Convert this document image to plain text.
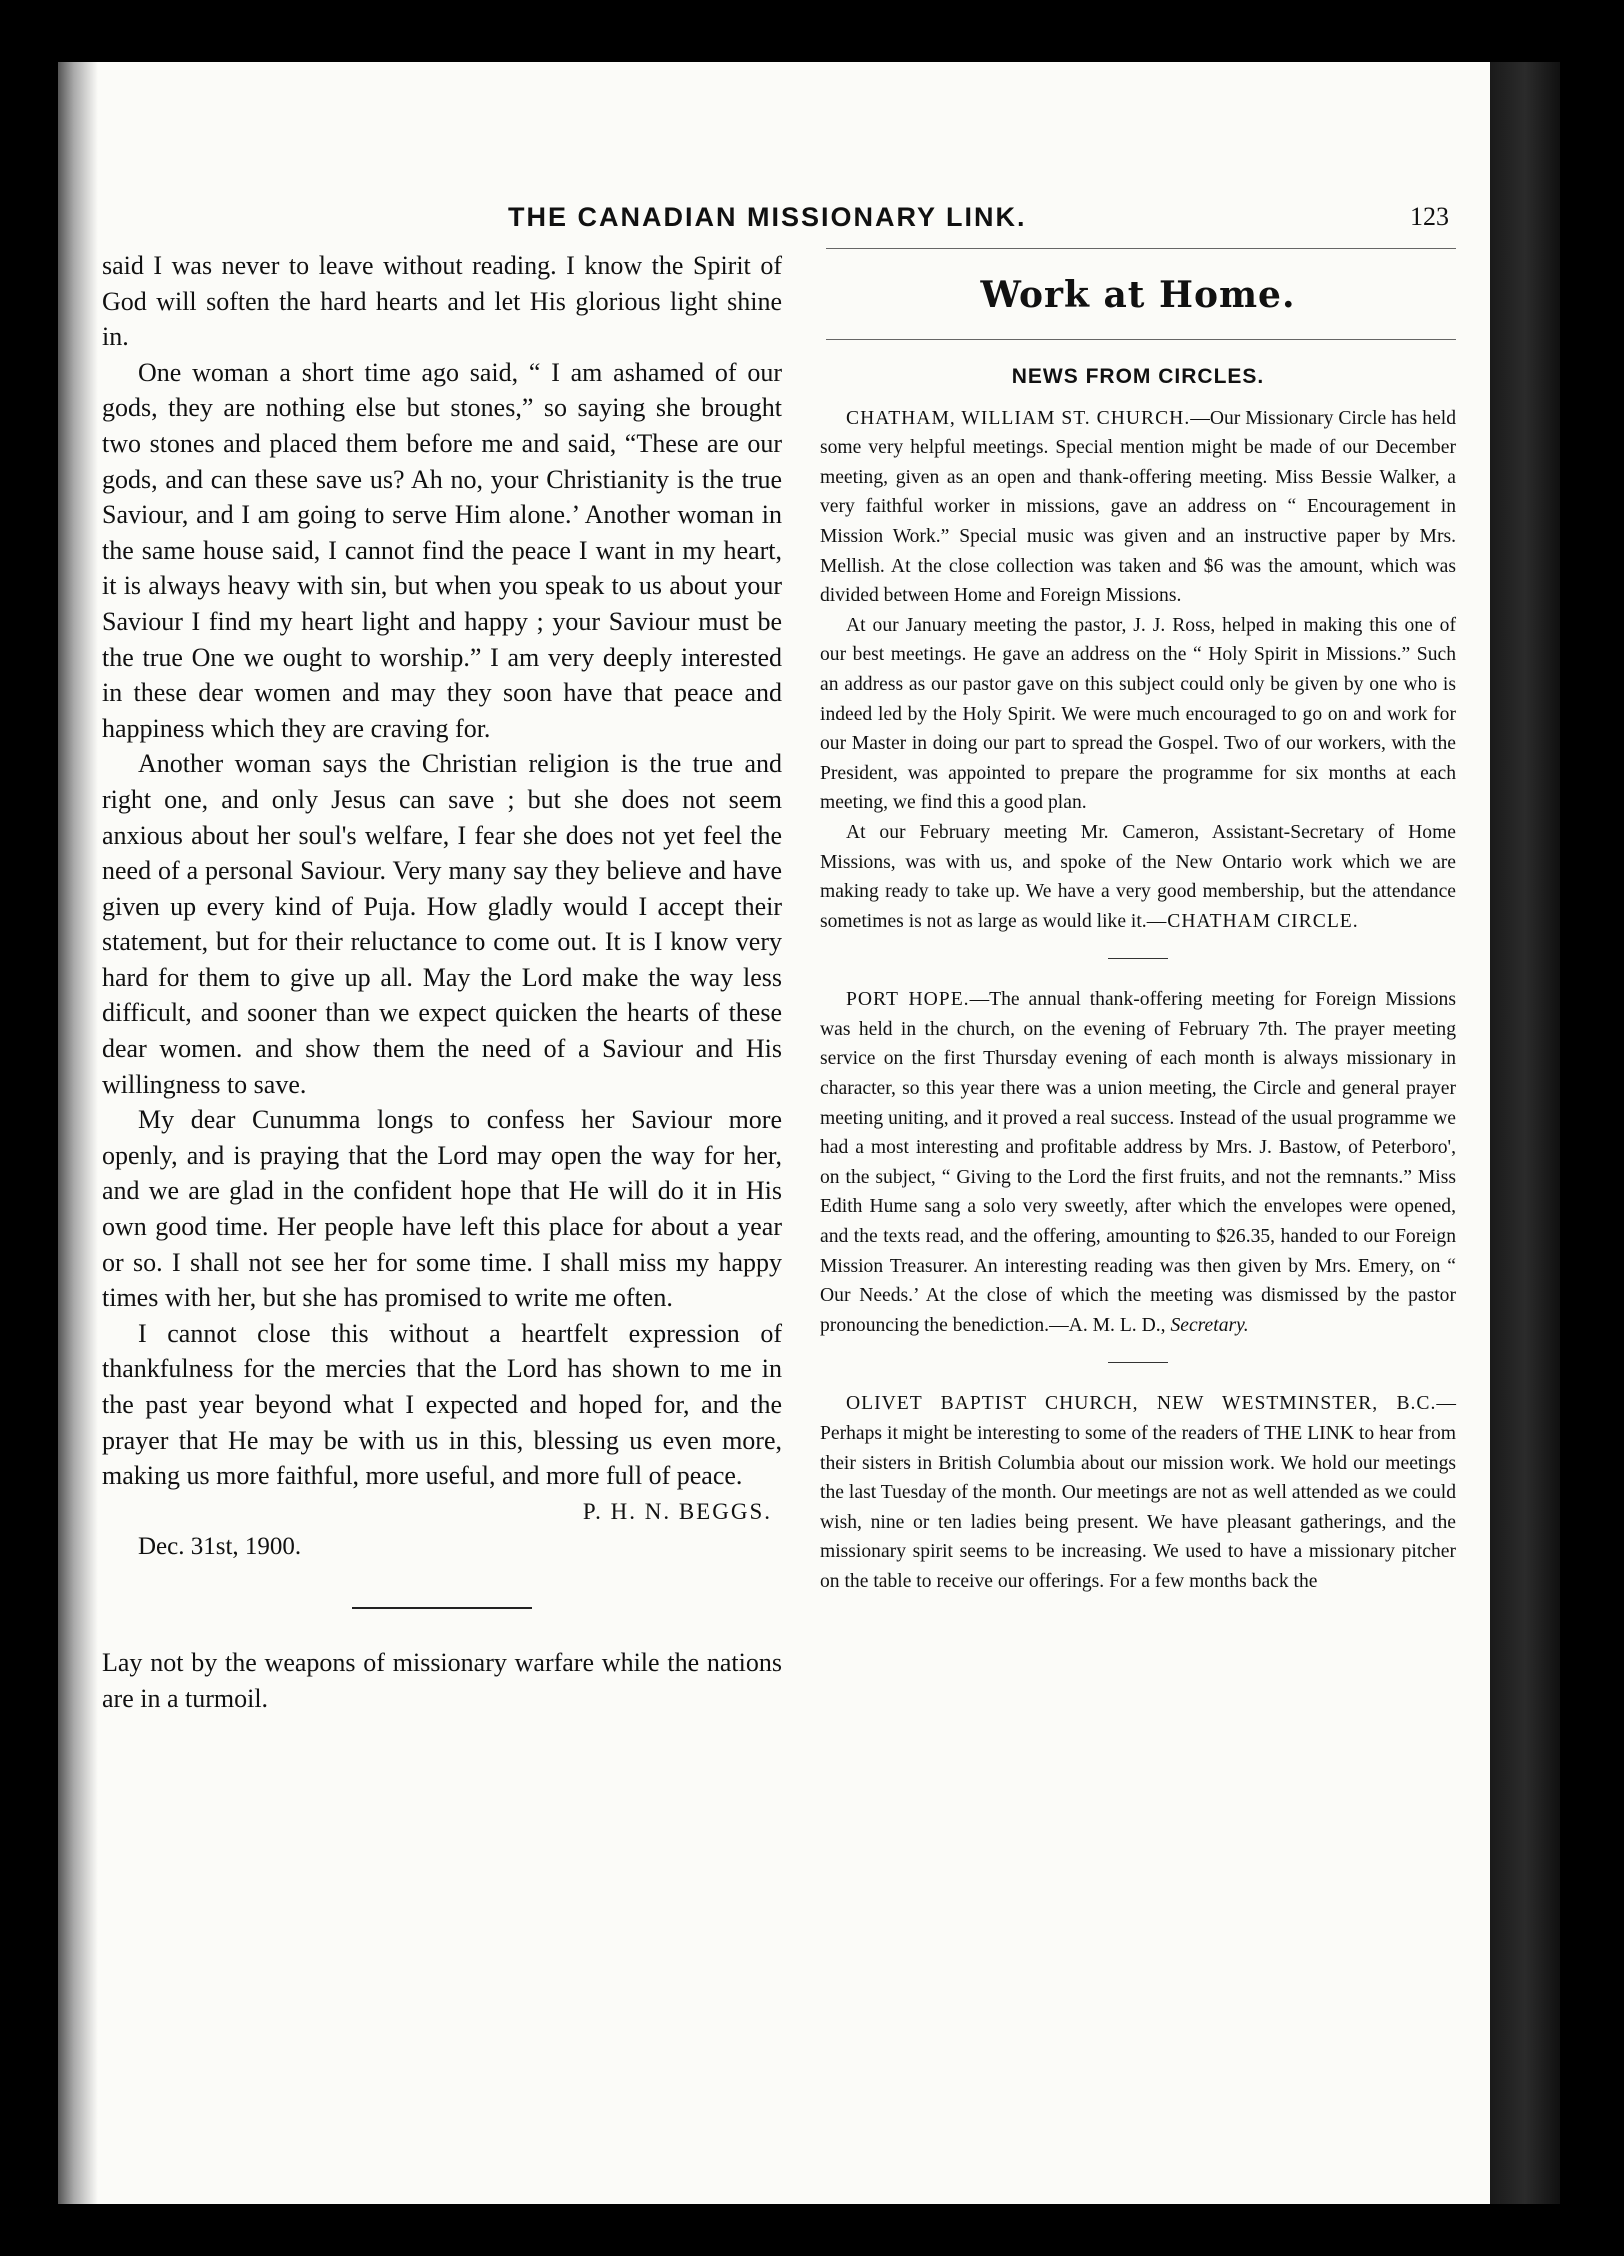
THE CANADIAN MISSIONARY LINK.	123

said I was never to leave without reading. I know the Spirit of God will soften the hard hearts and let His glorious light shine in.

One woman a short time ago said, “ I am ashamed of our gods, they are nothing else but stones,” so saying she brought two stones and placed them before me and said, “These are our gods, and can these save us? Ah no, your Christianity is the true Saviour, and I am going to serve Him alone.’ Another woman in the same house said, I cannot find the peace I want in my heart, it is always heavy with sin, but when you speak to us about your Saviour I find my heart light and happy ; your Saviour must be the true One we ought to worship.” I am very deeply interested in these dear women and may they soon have that peace and happiness which they are craving for.

Another woman says the Christian religion is the true and right one, and only Jesus can save ; but she does not seem anxious about her soul's welfare, I fear she does not yet feel the need of a personal Saviour. Very many say they believe and have given up every kind of Puja. How gladly would I accept their statement, but for their reluctance to come out. It is I know very hard for them to give up all. May the Lord make the way less difficult, and sooner than we expect quicken the hearts of these dear women. and show them the need of a Saviour and His willingness to save.

My dear Cunumma longs to confess her Saviour more openly, and is praying that the Lord may open the way for her, and we are glad in the confident hope that He will do it in His own good time. Her people have left this place for about a year or so. I shall not see her for some time. I shall miss my happy times with her, but she has promised to write me often.

I cannot close this without a heartfelt expression of thankfulness for the mercies that the Lord has shown to me in the past year beyond what I expected and hoped for, and the prayer that He may be with us in this, blessing us even more, making us more faithful, more useful, and more full of peace.

P. H. N. BEGGS.

Dec. 31st, 1900.

Lay not by the weapons of missionary warfare while the nations are in a turmoil.

Work at Home.
NEWS FROM CIRCLES.

CHATHAM, WILLIAM ST. CHURCH.—Our Missionary Circle has held some very helpful meetings. Special mention might be made of our December meeting, given as an open and thank-offering meeting. Miss Bessie Walker, a very faithful worker in missions, gave an address on “ Encouragement in Mission Work.” Special music was given and an instructive paper by Mrs. Mellish. At the close collection was taken and $6 was the amount, which was divided between Home and Foreign Missions.

At our January meeting the pastor, J. J. Ross, helped in making this one of our best meetings. He gave an address on the “ Holy Spirit in Missions.” Such an address as our pastor gave on this subject could only be given by one who is indeed led by the Holy Spirit. We were much encouraged to go on and work for our Master in doing our part to spread the Gospel. Two of our workers, with the President, was appointed to prepare the programme for six months at each meeting, we find this a good plan.

At our February meeting Mr. Cameron, Assistant-Secretary of Home Missions, was with us, and spoke of the New Ontario work which we are making ready to take up. We have a very good membership, but the attendance sometimes is not as large as would like it.—CHATHAM CIRCLE.

PORT HOPE.—The annual thank-offering meeting for Foreign Missions was held in the church, on the evening of February 7th. The prayer meeting service on the first Thursday evening of each month is always missionary in character, so this year there was a union meeting, the Circle and general prayer meeting uniting, and it proved a real success. Instead of the usual programme we had a most interesting and profitable address by Mrs. J. Bastow, of Peterboro', on the subject, “ Giving to the Lord the first fruits, and not the remnants.” Miss Edith Hume sang a solo very sweetly, after which the envelopes were opened, and the texts read, and the offering, amounting to $26.35, handed to our Foreign Mission Treasurer. An interesting reading was then given by Mrs. Emery, on “ Our Needs.’ At the close of which the meeting was dismissed by the pastor pronouncing the benediction.—A. M. L. D., Secretary.

OLIVET BAPTIST CHURCH, NEW WESTMINSTER, B.C.—Perhaps it might be interesting to some of the readers of THE LINK to hear from their sisters in British Columbia about our mission work. We hold our meetings the last Tuesday of the month. Our meetings are not as well attended as we could wish, nine or ten ladies being present. We have pleasant gatherings, and the missionary spirit seems to be increasing. We used to have a missionary pitcher on the table to receive our offerings. For a few months back the
